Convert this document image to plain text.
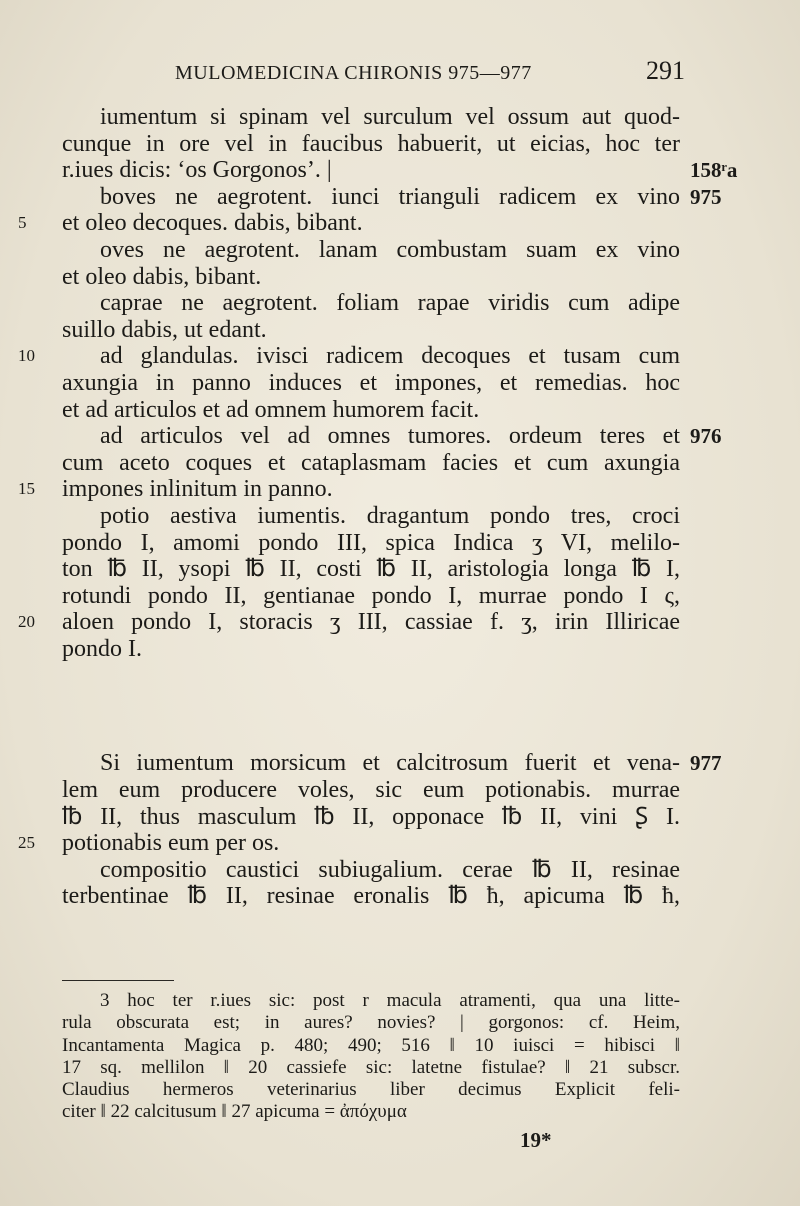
MULOMEDICINA CHIRONIS 975—977	291
iumentum si spinam vel surculum vel ossum aut quod-
cunque in ore vel in faucibus habuerit, ut eicias, hoc ter
r.iues dicis: ‘os Gorgonos’. |	158ʳa
boves ne aegrotent. iunci trianguli radicem ex vino 975
et oleo decoques. dabis, bibant.
5
oves ne aegrotent. lanam combustam suam ex vino
et oleo dabis, bibant.
caprae ne aegrotent. foliam rapae viridis cum adipe
suillo dabis, ut edant.
ad glandulas. ivisci radicem decoques et tusam cum
10
axungia in panno induces et impones, et remedias. hoc
et ad articulos et ad omnem humorem facit.
ad articulos vel ad omnes tumores. ordeum teres et 976
cum aceto coques et cataplasmam facies et cum axungia
impones inlinitum in panno.
15
potio aestiva iumentis. dragantum pondo tres, croci
pondo I, amomi pondo III, spica Indica ʒ VI, melilo-
ton ℔ II, ysopi ℔ II, costi ℔ II, aristologia longa ℔ I,
rotundi pondo II, gentianae pondo I, murrae pondo I ς,
aloen pondo I, storacis ʒ III, cassiae f. ʒ, irin Illiricae
20
pondo I.
Si iumentum morsicum et calcitrosum fuerit et vena- 977
lem eum producere voles, sic eum potionabis. murrae
℔ II, thus masculum ℔ II, opponace ℔ II, vini Ʂ I.
potionabis eum per os.
25
compositio caustici subiugalium. cerae ℔ II, resinae
terbentinae ℔ II, resinae eronalis ℔ ħ, apicuma ℔ ħ,
3 hoc ter r.iues sic: post r macula atramenti, qua una litte-
rula obscurata est; in aures? novies? | gorgonos: cf. Heim,
Incantamenta Magica p. 480; 490; 516 ‖ 10 iuisci = hibisci ‖
17 sq. mellilon ‖ 20 cassiefe sic: latetne fistulae? ‖ 21 subscr.
Claudius hermeros veterinarius liber decimus Explicit feli-
citer ‖ 22 calcitusum ‖ 27 apicuma = ἀπόχυμα
19*
